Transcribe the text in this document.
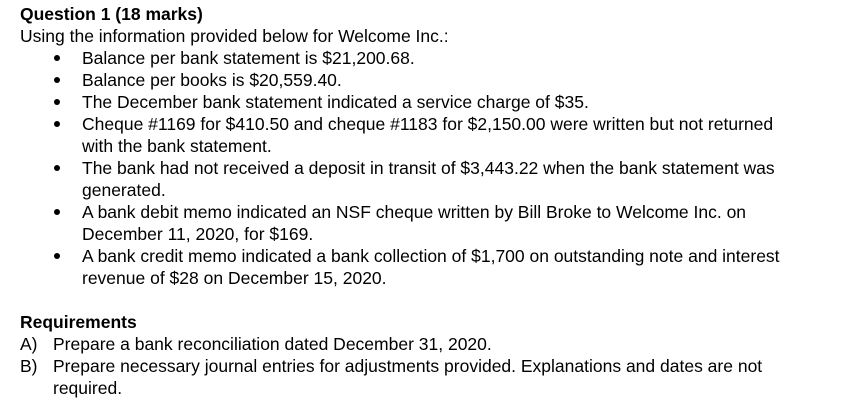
Question 1 (18 marks)

Using the information provided below for Welcome Inc.:

Balance per bank statement is $21,200.68.
Balance per books is $20,559.40.
The December bank statement indicated a service charge of $35.
Cheque #1169 for $410.50 and cheque #1183 for $2,150.00 were written but not returned with the bank statement.
The bank had not received a deposit in transit of $3,443.22 when the bank statement was generated.
A bank debit memo indicated an NSF cheque written by Bill Broke to Welcome Inc. on December 11, 2020, for $169.
A bank credit memo indicated a bank collection of $1,700 on outstanding note and interest revenue of $28 on December 15, 2020.

Requirements

A) Prepare a bank reconciliation dated December 31, 2020.
B) Prepare necessary journal entries for adjustments provided. Explanations and dates are not required.
